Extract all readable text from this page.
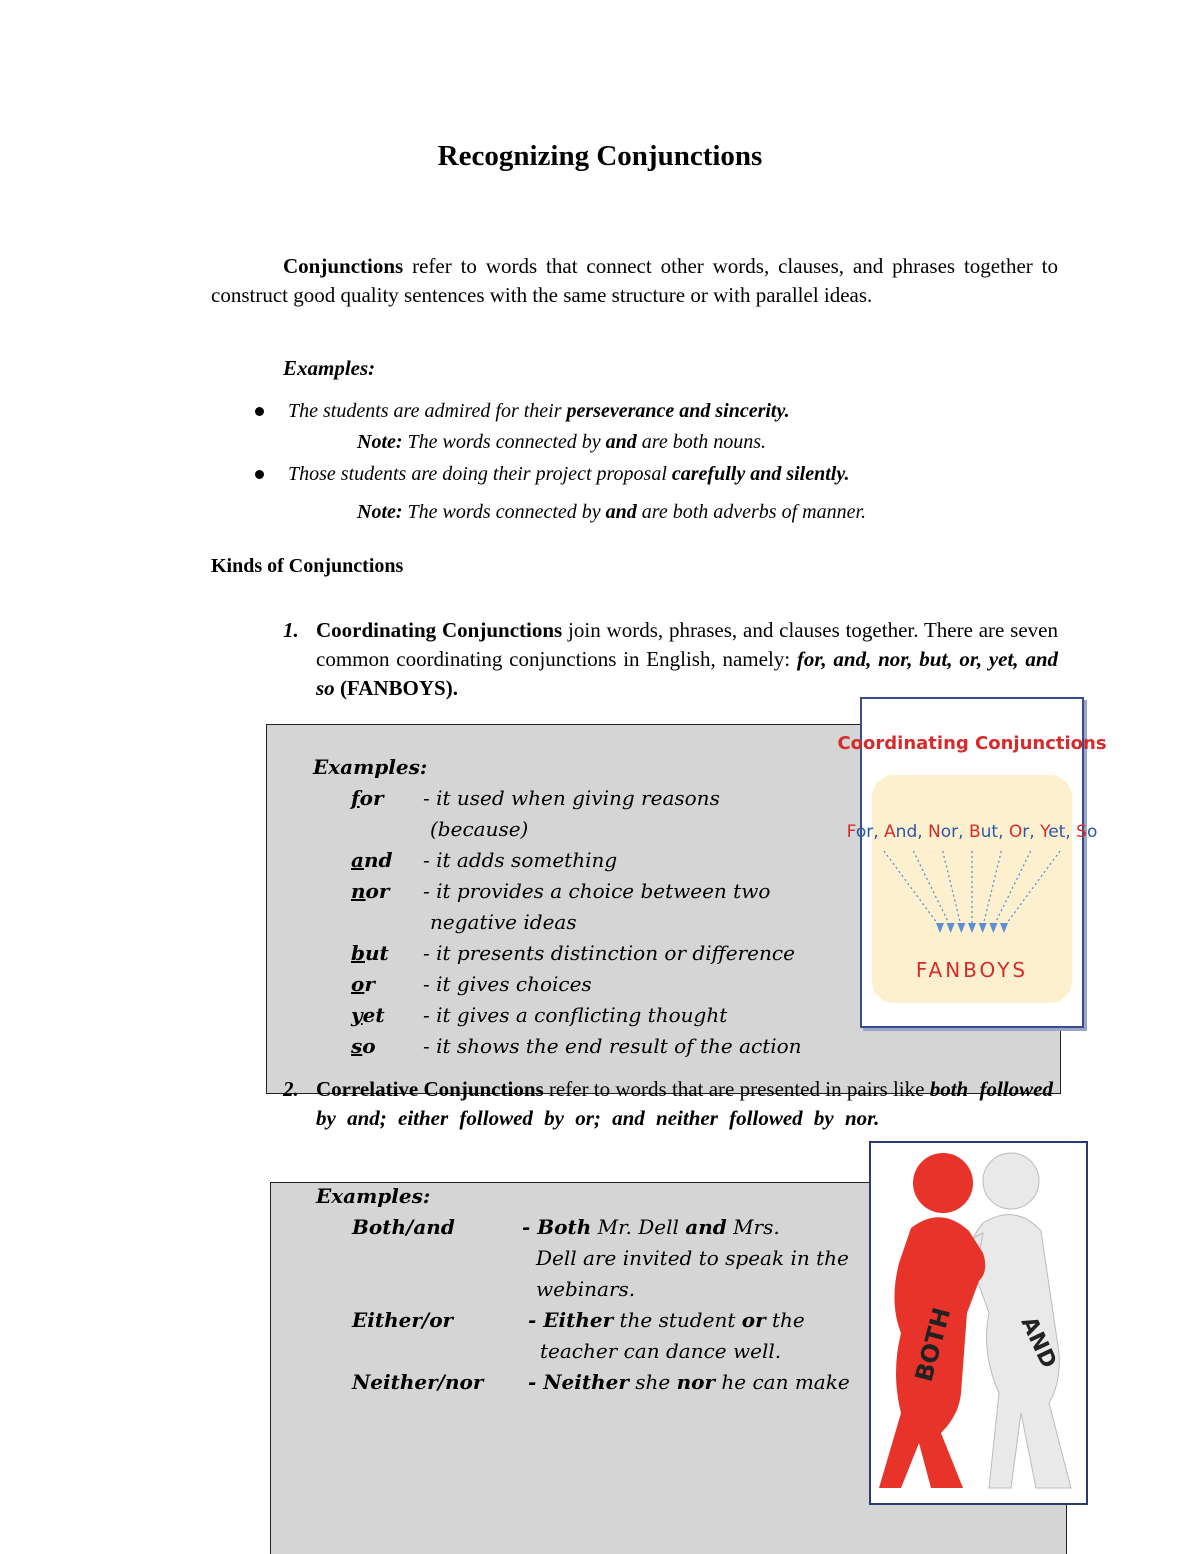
Recognizing Conjunctions
Conjunctions refer to words that connect other words, clauses, and phrases together to construct good quality sentences with the same structure or with parallel ideas.
Examples:
The students are admired for their perseverance and sincerity.
Note: The words connected by and are both nouns.
Those students are doing their project proposal carefully and silently.
Note: The words connected by and are both adverbs of manner.
Kinds of Conjunctions
1. Coordinating Conjunctions join words, phrases, and clauses together. There are seven common coordinating conjunctions in English, namely: for, and, nor, but, or, yet, and so (FANBOYS).
Examples:
for - it used when giving reasons
(because)
and - it adds something
nor - it provides a choice between two
negative ideas
but - it presents distinction or difference
or - it gives choices
yet - it gives a conflicting thought
so - it shows the end result of the action
Coordinating Conjunctions
For, And, Nor, But, Or, Yet, So
FANBOYS
2. Correlative Conjunctions refer to words that are presented in pairs like both followed by and; either followed by or; and neither followed by nor.
Examples:
Both/and	- Both Mr. Dell and Mrs.
Dell are invited to speak in the
webinars.
Either/or	- Either the student or the
teacher can dance well.
Neither/nor - Neither she nor he can make	BOTH	AND
